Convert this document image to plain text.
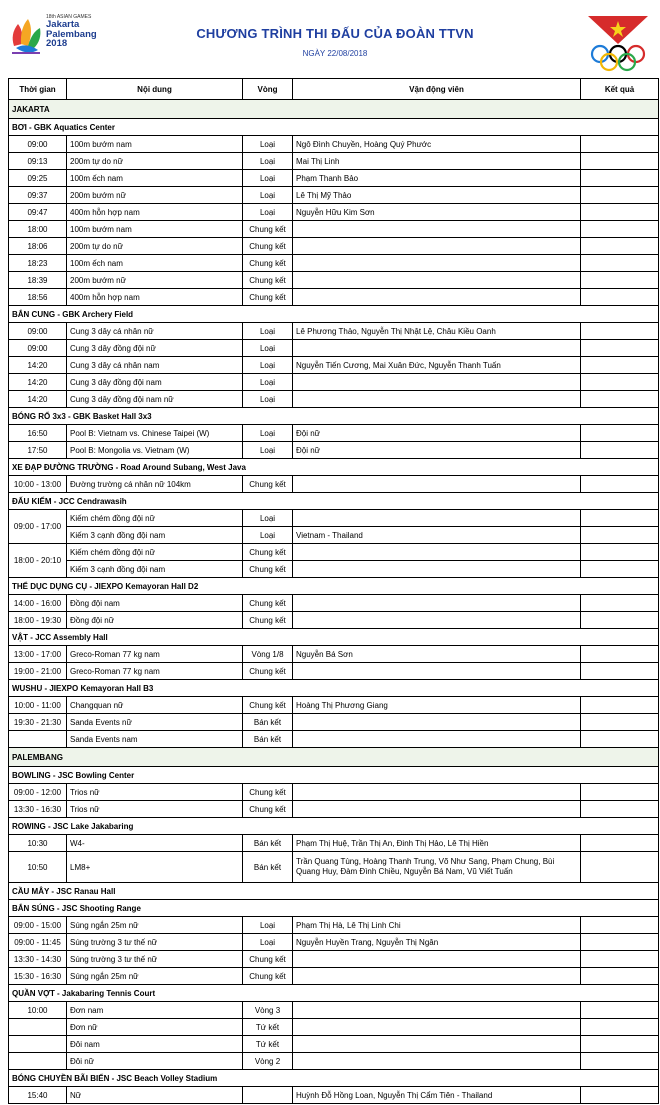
18th ASIAN GAMES
Jakarta
Palembang
2018
CHƯƠNG TRÌNH THI ĐẤU CỦA ĐOÀN TTVN
NGÀY 22/08/2018
Thời gian	Nội dung	Vòng	Vận động viên	Kết quả
JAKARTA				
BƠI - GBK Aquatics Center				
09:00	100m bướm nam	Loại	Ngô Đình Chuyền, Hoàng Quý Phước	
09:13	200m tự do nữ	Loại	Mai Thị Linh	
09:25	100m ếch nam	Loại	Phạm Thanh Bảo	
09:37	200m bướm nữ	Loại	Lê Thị Mỹ Thảo	
09:47	400m hỗn hợp nam	Loại	Nguyễn Hữu Kim Sơn	
18:00	100m bướm nam	Chung kết		
18:06	200m tự do nữ	Chung kết		
18:23	100m ếch nam	Chung kết		
18:39	200m bướm nữ	Chung kết		
18:56	400m hỗn hợp nam	Chung kết		
BẮN CUNG - GBK Archery Field				
09:00	Cung 3 dây cá nhân nữ	Loại	Lê Phương Thảo, Nguyễn Thị Nhật Lệ, Châu Kiều Oanh	
09:00	Cung 3 dây đồng đội nữ	Loại		
14:20	Cung 3 dây cá nhân nam	Loại	Nguyễn Tiến Cương, Mai Xuân Đức, Nguyễn Thanh Tuấn	
14:20	Cung 3 dây đồng đội nam	Loại		
14:20	Cung 3 dây đồng đội nam nữ	Loại		
BÓNG RỔ 3x3 - GBK Basket Hall 3x3				
16:50	Pool B: Vietnam vs. Chinese Taipei (W)	Loại	Đội nữ	
17:50	Pool B: Mongolia vs. Vietnam (W)	Loại	Đội nữ	
XE ĐẠP ĐƯỜNG TRƯỜNG - Road Around Subang, West Java				
10:00 - 13:00	Đường trường cá nhân nữ 104km	Chung kết		
ĐẤU KIẾM - JCC Cendrawasih				
09:00 - 17:00	Kiếm chém đồng đội nữ	Loại		
	Kiếm 3 cạnh đồng đội nam	Loại	Vietnam - Thailand	
18:00 - 20:10	Kiếm chém đồng đội nữ	Chung kết		
	Kiếm 3 cạnh đồng đội nam	Chung kết		
THỂ DỤC DỤNG CỤ - JIEXPO Kemayoran Hall D2				
14:00 - 16:00	Đồng đội nam	Chung kết		
18:00 - 19:30	Đồng đội nữ	Chung kết		
VẬT - JCC Assembly Hall				
13:00 - 17:00	Greco-Roman 77 kg nam	Vòng 1/8	Nguyễn Bá Sơn	
19:00 - 21:00	Greco-Roman 77 kg nam	Chung kết		
WUSHU - JIEXPO Kemayoran Hall B3				
10:00 - 11:00	Changquan nữ	Chung kết	Hoàng Thị Phương Giang	
19:30 - 21:30	Sanda Events nữ	Bán kết		
	Sanda Events nam	Bán kết		
PALEMBANG				
BOWLING - JSC Bowling Center				
09:00 - 12:00	Trios nữ	Chung kết		
13:30 - 16:30	Trios nữ	Chung kết		
ROWING - JSC Lake Jakabaring				
10:30	W4-	Bán kết	Phạm Thị Huệ, Trần Thị An, Đinh Thị Hảo, Lê Thị Hiền	
10:50	LM8+	Bán kết	Trần Quang Tùng, Hoàng Thanh Trung, Võ Như Sang, Phạm Chung, Bùi Quang Huy, Đàm Đình Chiều, Nguyễn Bá Nam, Vũ Viết Tuấn	
CẦU MÂY - JSC Ranau Hall				
BẮN SÚNG - JSC Shooting Range				
09:00 - 15:00	Súng ngắn 25m nữ	Loại	Phạm Thị Hà, Lê Thị Linh Chi	
09:00 - 11:45	Súng trường 3 tư thế nữ	Loại	Nguyễn Huyền Trang, Nguyễn Thị Ngân	
13:30 - 14:30	Súng trường 3 tư thế nữ	Chung kết		
15:30 - 16:30	Súng ngắn 25m nữ	Chung kết		
QUẦN VỢT - Jakabaring Tennis Court				
10:00	Đơn nam	Vòng 3		
	Đơn nữ	Tứ kết		
	Đôi nam	Tứ kết		
	Đôi nữ	Vòng 2		
BÓNG CHUYỀN BÃI BIỂN - JSC Beach Volley Stadium				
15:40	Nữ		Huỳnh Đỗ Hồng Loan, Nguyễn Thị Cẩm Tiên - Thailand	
